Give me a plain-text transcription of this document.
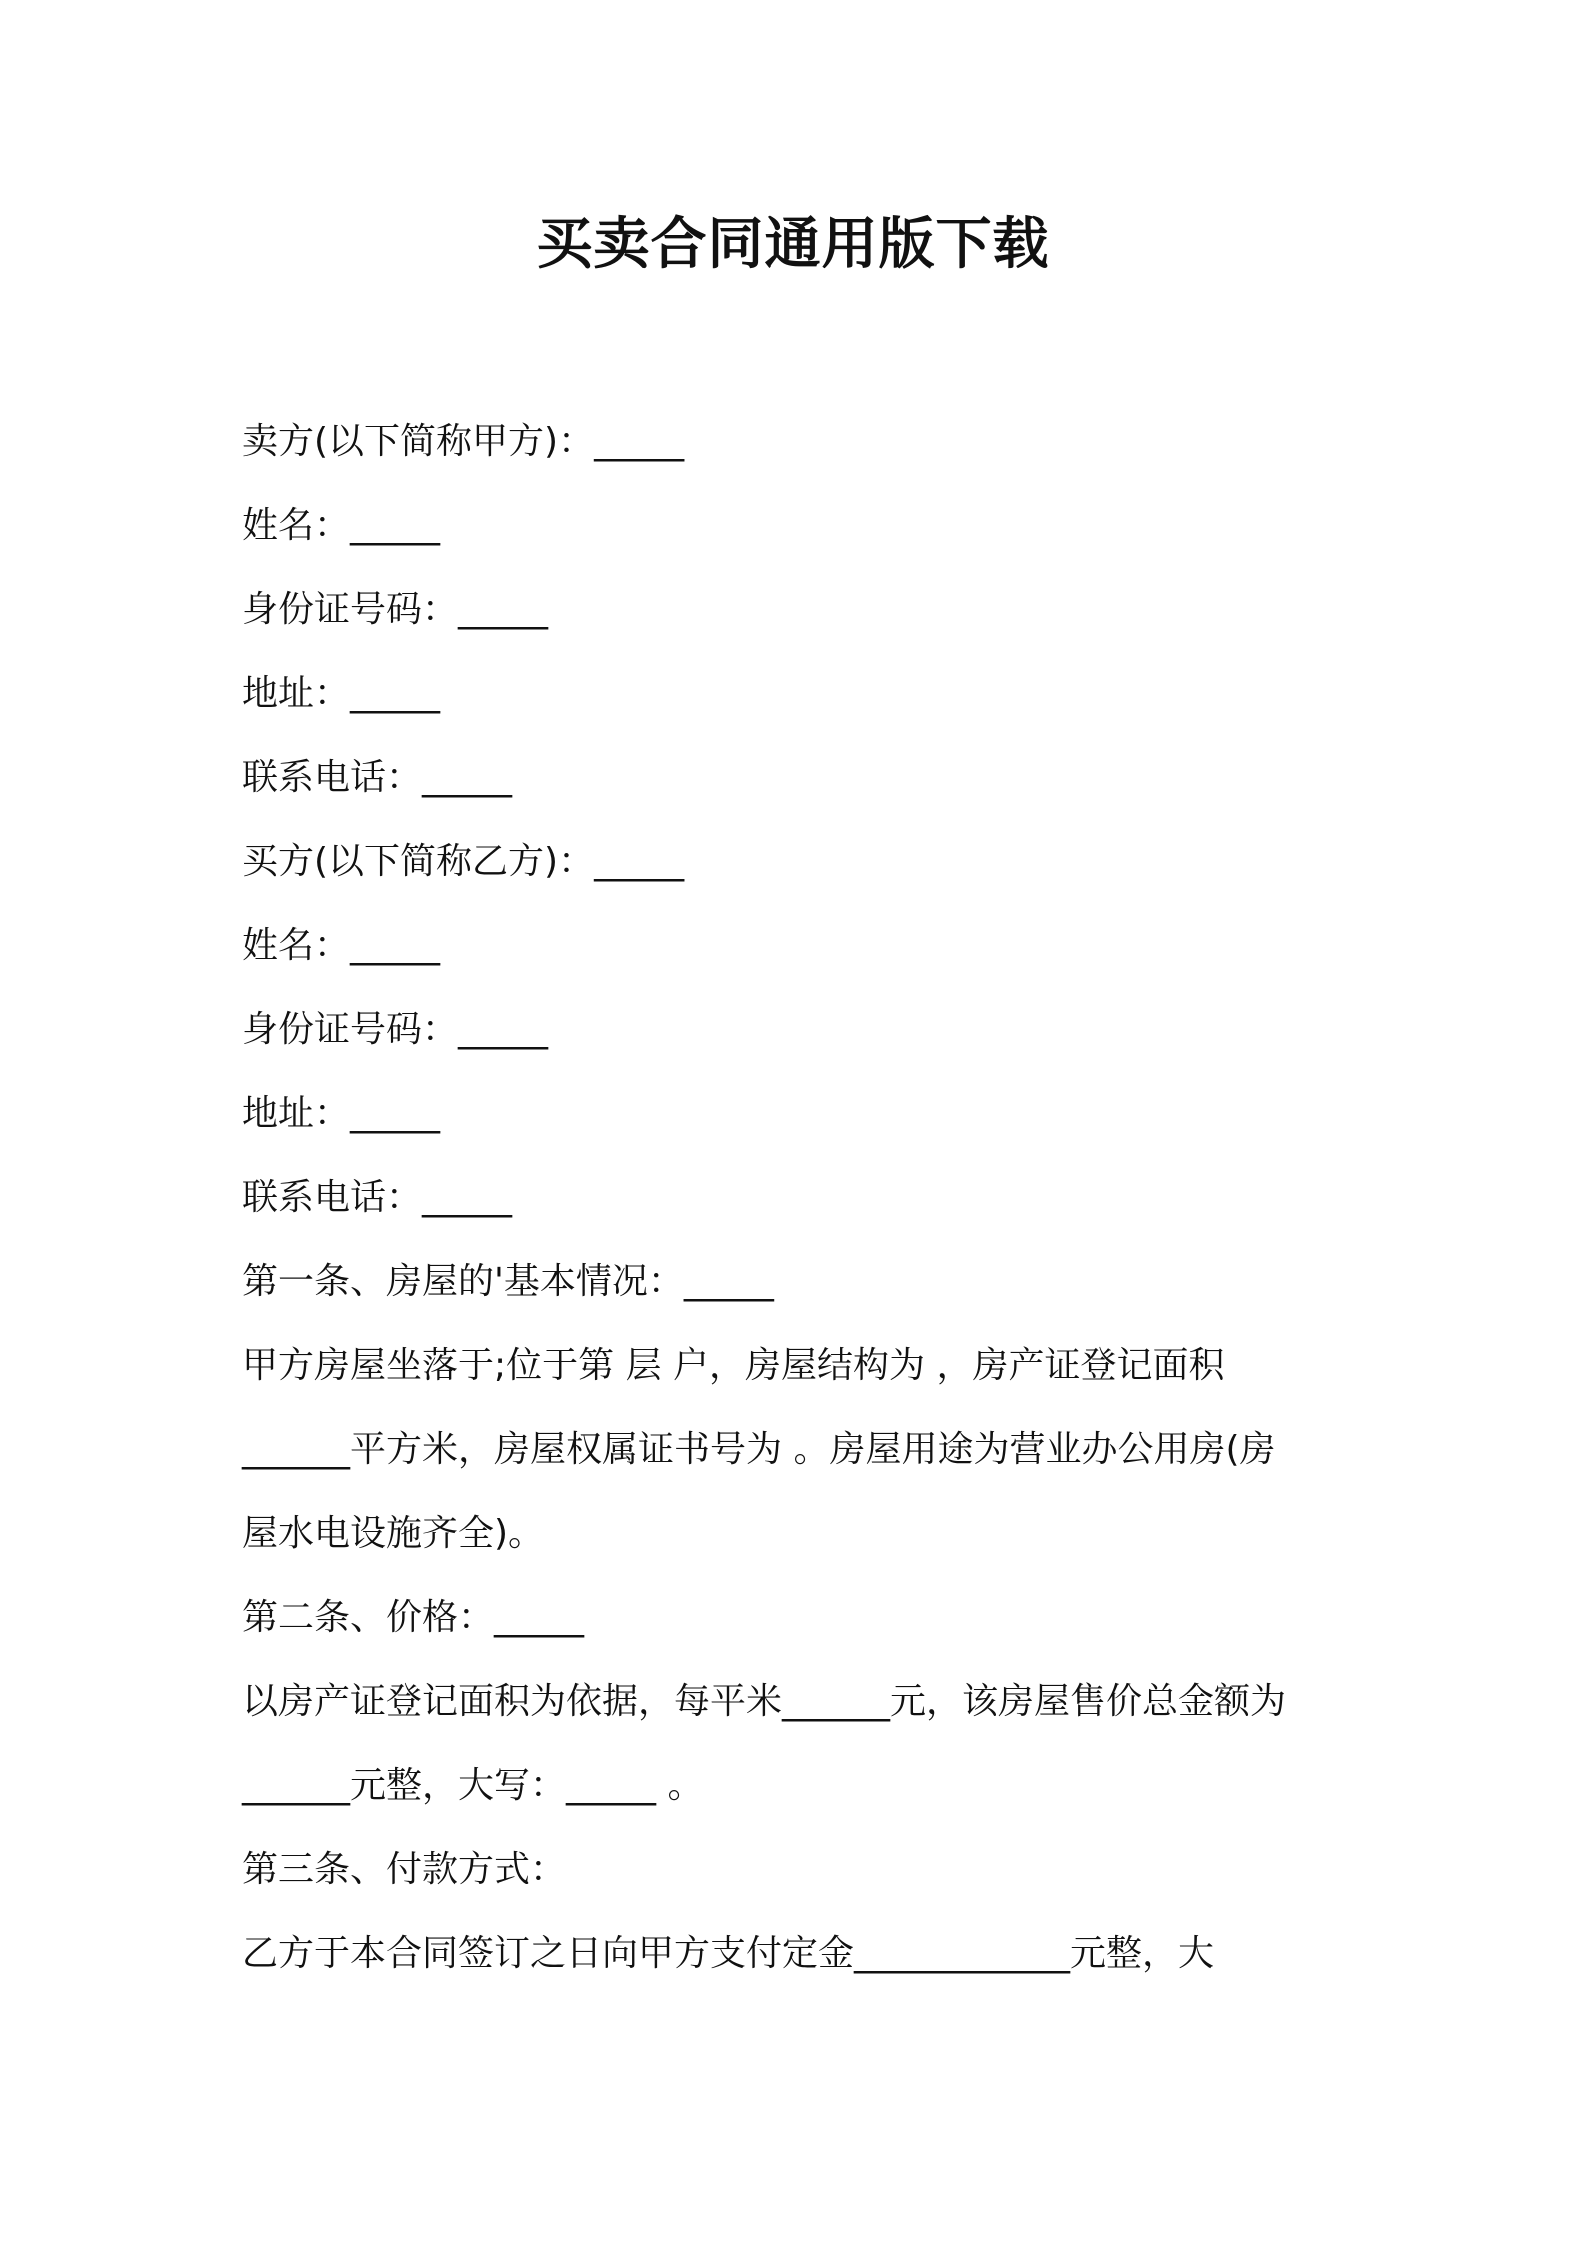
买卖合同通用版下载
卖方(以下简称甲方)：_____
姓名：_____
身份证号码：_____
地址：_____
联系电话：_____
买方(以下简称乙方)：_____
姓名：_____
身份证号码：_____
地址：_____
联系电话：_____
第一条、房屋的'基本情况：_____
甲方房屋坐落于;位于第 层 户，房屋结构为 ，房产证登记面积
______平方米，房屋权属证书号为 。房屋用途为营业办公用房(房
屋水电设施齐全)。
第二条、价格：_____
以房产证登记面积为依据，每平米______元，该房屋售价总金额为
______元整，大写：_____ 。
第三条、付款方式：
乙方于本合同签订之日向甲方支付定金____________元整，大
